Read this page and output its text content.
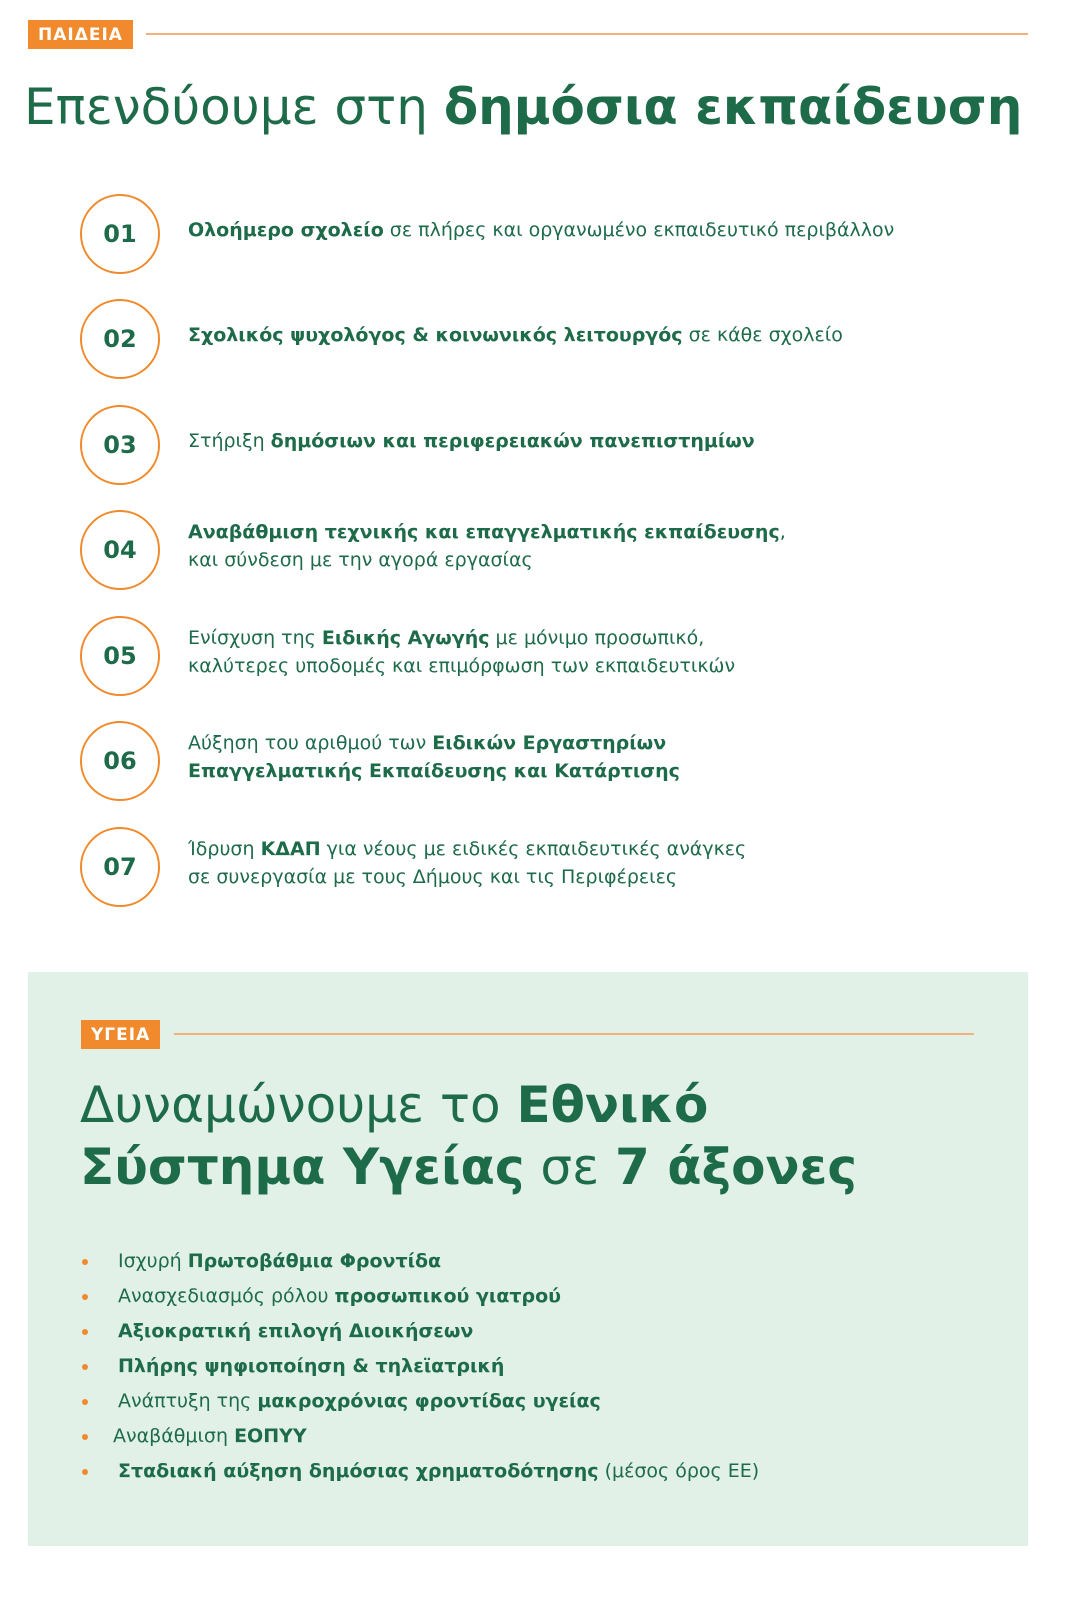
ΠΑΙΔΕΙΑ
Επενδύουμε στη δημόσια εκπαίδευση
01	Ολοήμερο σχολείο σε πλήρες και οργανωμένο εκπαιδευτικό περιβάλλον
02	Σχολικός ψυχολόγος & κοινωνικός λειτουργός σε κάθε σχολείο
03	Στήριξη δημόσιων και περιφερειακών πανεπιστημίων
04
Αναβάθμιση τεχνικής και επαγγελματικής εκπαίδευσης,
και σύνδεση με την αγορά εργασίας
05
Ενίσχυση της Ειδικής Αγωγής με μόνιμο προσωπικό,
καλύτερες υποδομές και επιμόρφωση των εκπαιδευτικών
06
Αύξηση του αριθμού των Ειδικών Εργαστηρίων
Επαγγελματικής Εκπαίδευσης και Κατάρτισης
07
Ίδρυση ΚΔΑΠ για νέους με ειδικές εκπαιδευτικές ανάγκες
σε συνεργασία με τους Δήμους και τις Περιφέρειες
ΥΓΕΙΑ
Δυναμώνουμε το Εθνικό
Σύστημα Υγείας σε 7 άξονες
Ισχυρή Πρωτοβάθμια Φροντίδα
Ανασχεδιασμός ρόλου προσωπικού γιατρού
Αξιοκρατική επιλογή Διοικήσεων
Πλήρης ψηφιοποίηση & τηλεϊατρική
Ανάπτυξη της μακροχρόνιας φροντίδας υγείας
Αναβάθμιση ΕΟΠΥΥ
Σταδιακή αύξηση δημόσιας χρηματοδότησης (μέσος όρος ΕΕ)
